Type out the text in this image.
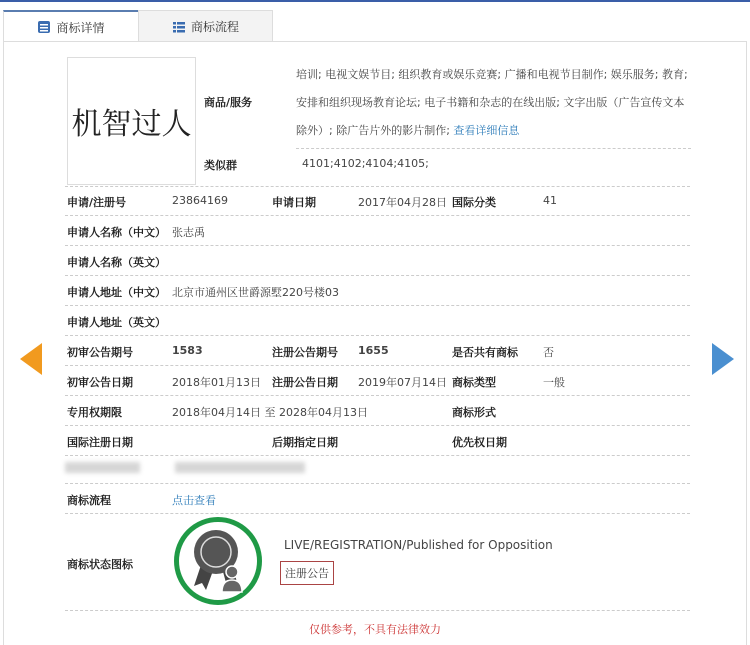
商标详情	商标流程
机智过人
商品/服务
培训; 电视文娱节目; 组织教育或娱乐竞赛; 广播和电视节目制作; 娱乐服务; 教育; 安排和组织现场教育论坛; 电子书籍和杂志的在线出版; 文字出版（广告宣传文本除外）; 除广告片外的影片制作; 查看详细信息
类似群	4101;4102;4104;4105;
申请/注册号	23864169	申请日期	2017年04月28日 国际分类	41
申请人名称（中文） 张志禹
申请人名称（英文）
申请人地址（中文） 北京市通州区世爵源墅220号楼03
申请人地址（英文）
初审公告期号	1583	注册公告期号 1655	是否共有商标 否
初审公告日期	2018年01月13日 注册公告日期 2019年07月14日 商标类型	一般
专用权期限	2018年04月14日 至 2028年04月13日	商标形式
国际注册日期	后期指定日期	优先权日期
商标流程	点击查看
商标状态图标
LIVE/REGISTRATION/Published for Opposition
注册公告
仅供参考，不具有法律效力
